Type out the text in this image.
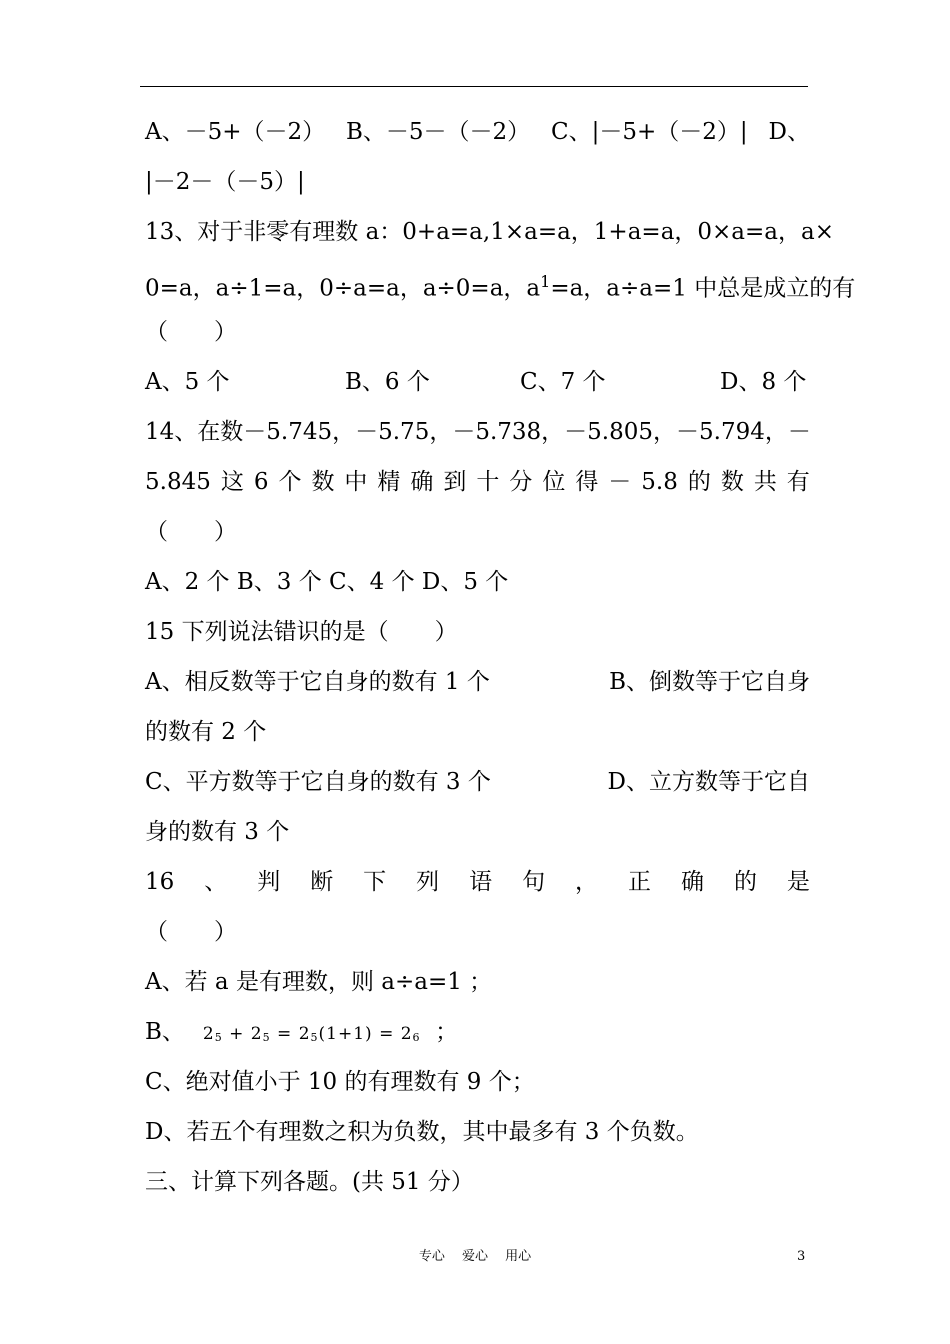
A、－5+（－2） B、－5－（－2） C、|－5+（－2）| D、
|－2－（－5）|
13、对于非零有理数 a：0+a=a,1×a=a，1+a=a，0×a=a，a×
0=a，a÷1=a，0÷a=a，a÷0=a，$a^1=a$，a÷a=1 中总是成立的有
（　　）
A、5 个	B、6 个	C、7 个	D、8 个
14、在数－5.745，－5.75，－5.738，－5.805，－5.794，－
5.845 这 6 个 数 中 精 确 到 十 分 位 得 － 5.8 的 数 共 有
（　　）
A、2 个 B、3 个 C、4 个 D、5 个
15 下列说法错识的是（　　）
A、相反数等于它自身的数有 1 个	B、倒数等于它自身
的数有 2 个
C、平方数等于它自身的数有 3 个	D、立方数等于它自
身的数有 3 个
16 、 判 断 下 列 语 句 ， 正 确 的 是
（　　）
A、若 a 是有理数，则 a÷a=1 ；
B、 $2^5 + 2^5 = 2^5(1+1) = 2^6$ ；
C、绝对值小于 10 的有理数有 9 个；
D、若五个有理数之积为负数，其中最多有 3 个负数。
三、计算下列各题。(共 51 分）
专心　 爱心　 用心	3
